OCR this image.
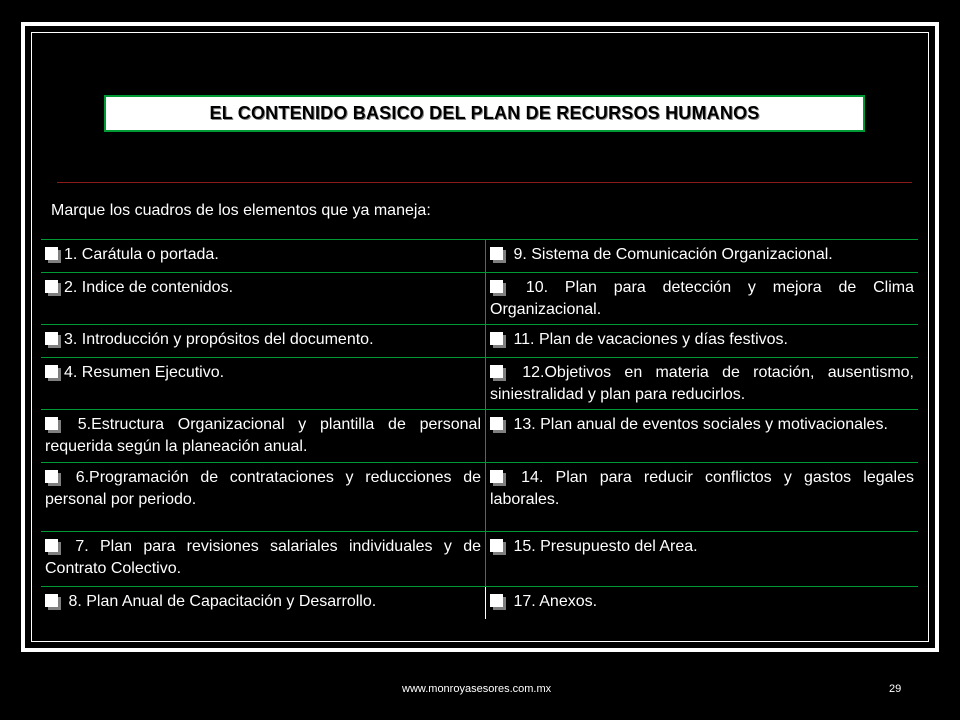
EL CONTENIDO BASICO DEL PLAN DE RECURSOS HUMANOS
Marque los cuadros de los elementos que ya maneja:
1. Carátula o portada.	9. Sistema de Comunicación Organizacional.
2. Indice de contenidos.	10. Plan para detección y mejora de Clima Organizacional.
3. Introducción y propósitos del documento.	11. Plan de vacaciones y días festivos.
4. Resumen Ejecutivo.	12.Objetivos en materia de rotación, ausentismo, siniestralidad y plan para reducirlos.
5.Estructura Organizacional y plantilla de personal requerida según la planeación anual.	13. Plan anual de eventos sociales y motivacionales.
6.Programación de contrataciones y reducciones de personal por periodo.	14. Plan para reducir conflictos y gastos legales laborales.
7. Plan para revisiones salariales individuales y de Contrato Colectivo.	15. Presupuesto del Area.
8. Plan Anual de Capacitación y Desarrollo.	17. Anexos.
www.monroyasesores.com.mx	29
